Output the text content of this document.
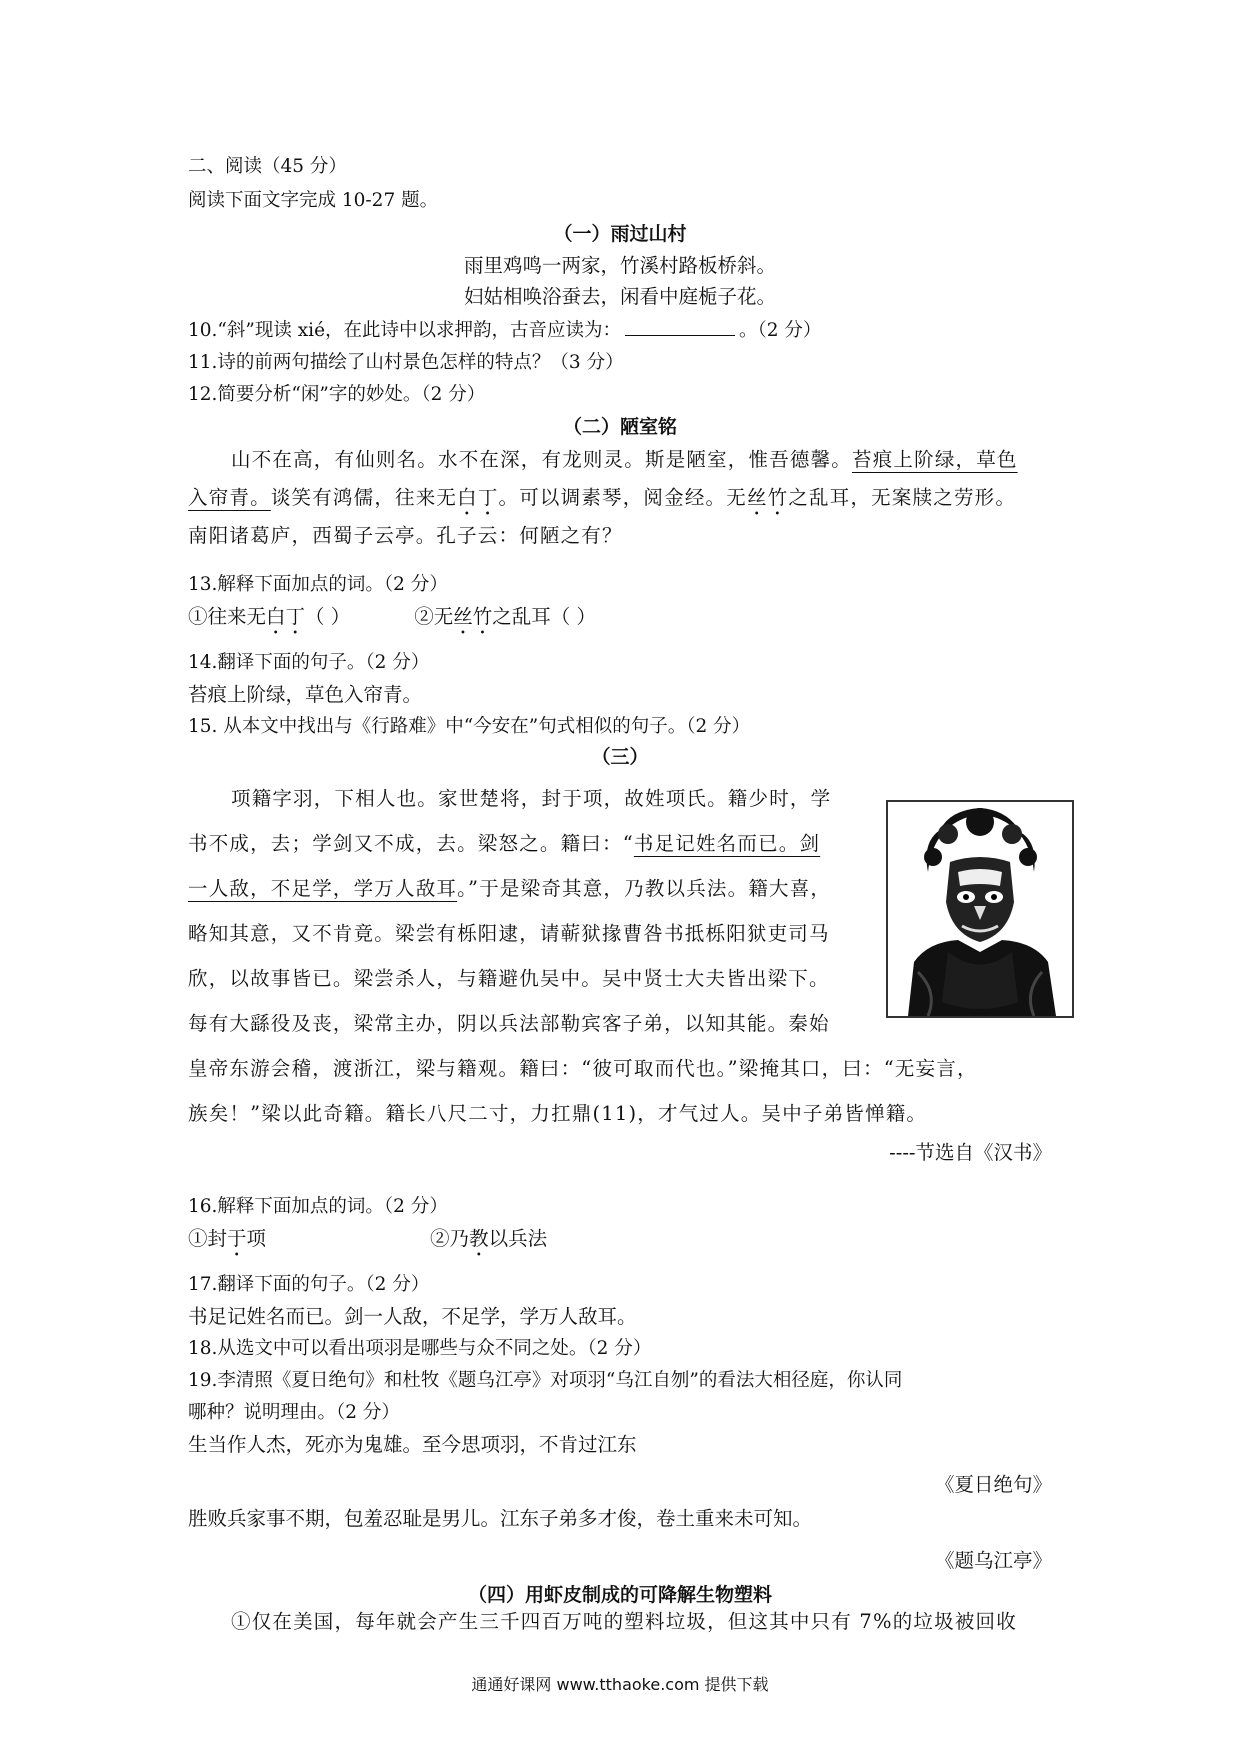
二、阅读（45 分）
阅读下面文字完成 10-27 题。
（一）雨过山村
雨里鸡鸣一两家，竹溪村路板桥斜。
妇姑相唤浴蚕去，闲看中庭栀子花。
10.“斜”现读 xié，在此诗中以求押韵，古音应读为：	。（2 分）
11.诗的前两句描绘了山村景色怎样的特点？（3 分）
12.简要分析“闲”字的妙处。（2 分）
（二）陋室铭
山不在高，有仙则名。水不在深，有龙则灵。斯是陋室，惟吾德馨。苔痕上阶绿，草色
入帘青。谈笑有鸿儒，往来无白丁。可以调素琴，阅金经。无丝竹之乱耳，无案牍之劳形。
南阳诸葛庐，西蜀子云亭。孔子云：何陋之有？
13.解释下面加点的词。（2 分）
①往来无白丁（ ）	②无丝竹之乱耳（ ）
14.翻译下面的句子。（2 分）
苔痕上阶绿，草色入帘青。
15. 从本文中找出与《行路难》中“今安在”句式相似的句子。（2 分）
（三）
项籍字羽，下相人也。家世楚将，封于项，故姓项氏。籍少时，学
书不成，去；学剑又不成，去。梁怒之。籍曰：“书足记姓名而已。剑
一人敌，不足学，学万人敌耳。”于是梁奇其意，乃教以兵法。籍大喜，
略知其意，又不肯竟。梁尝有栎阳逮，请蕲狱掾曹咎书抵栎阳狱吏司马
欣，以故事皆已。梁尝杀人，与籍避仇吴中。吴中贤士大夫皆出梁下。
每有大繇役及丧，梁常主办，阴以兵法部勒宾客子弟，以知其能。秦始
皇帝东游会稽，渡浙江，梁与籍观。籍曰：“彼可取而代也。”梁掩其口，曰：“无妄言，
族矣！”梁以此奇籍。籍长八尺二寸，力扛鼎(11)，才气过人。吴中子弟皆惮籍。
----节选自《汉书》
16.解释下面加点的词。（2 分）
①封于项	②乃教以兵法
17.翻译下面的句子。（2 分）
书足记姓名而已。剑一人敌，不足学，学万人敌耳。
18.从选文中可以看出项羽是哪些与众不同之处。（2 分）
19.李清照《夏日绝句》和杜牧《题乌江亭》对项羽“乌江自刎”的看法大相径庭，你认同
哪种？说明理由。（2 分）
生当作人杰，死亦为鬼雄。至今思项羽，不肯过江东
《夏日绝句》
胜败兵家事不期，包羞忍耻是男儿。江东子弟多才俊，卷土重来未可知。
《题乌江亭》
（四）用虾皮制成的可降解生物塑料
①仅在美国，每年就会产生三千四百万吨的塑料垃圾，但这其中只有 7%的垃圾被回收
通通好课网 www.tthaoke.com 提供下载
